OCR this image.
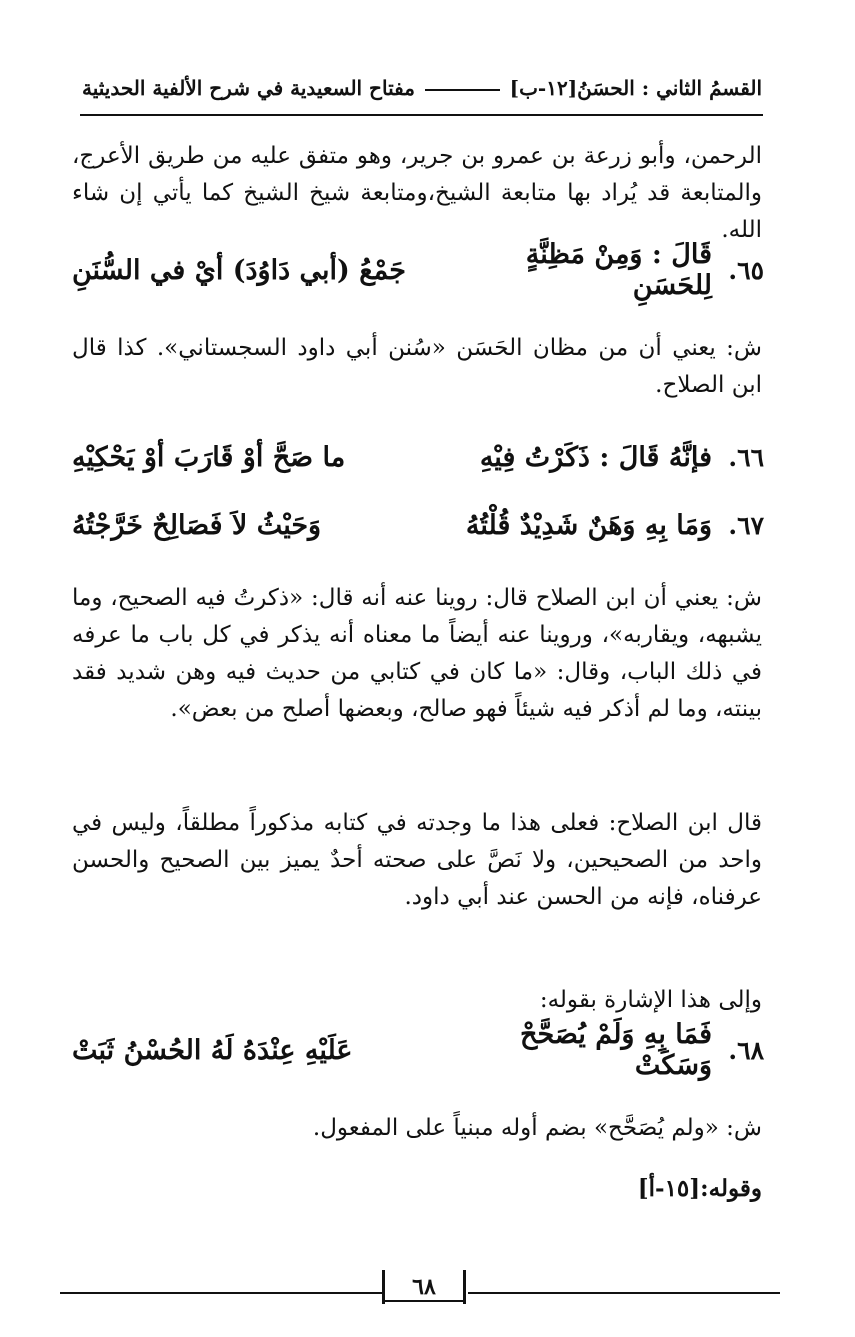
مفتاح السعيدية في شرح الألفية الحديثية	القسمُ الثاني : الحسَنُ[١٢-ب]

الرحمن، وأبو زرعة بن عمرو بن جرير، وهو متفق عليه من طريق الأعرج، والمتابعة قد يُراد بها متابعة الشيخ،ومتابعة شيخ الشيخ كما يأتي إن شاء الله.

٦٥.
قَالَ : وَمِنْ مَظِنَّةٍ لِلحَسَنِ
جَمْعُ (أبي دَاوُدَ) أيْ في السُّنَنِ

ش: يعني أن من مظان الحَسَن «سُنن أبي داود السجستاني». كذا قال ابن الصلاح.

٦٦.
فإنَّهُ قَالَ : ذَكَرْتُ فِيْهِ
ما صَحَّ أوْ قَارَبَ أوْ يَحْكِيْهِ
٦٧.
وَمَا بِهِ وَهَنٌ شَدِيْدٌ قُلْتُهُ
وَحَيْثُ لاَ فَصَالِحٌ خَرَّجْتُهُ

ش: يعني أن ابن الصلاح قال: روينا عنه أنه قال: «ذكرتُ فيه الصحيح، وما يشبهه، ويقاربه»، وروينا عنه أيضاً ما معناه أنه يذكر في كل باب ما عرفه في ذلك الباب، وقال: «ما كان في كتابي من حديث فيه وهن شديد فقد بينته، وما لم أذكر فيه شيئاً فهو صالح، وبعضها أصلح من بعض».

قال ابن الصلاح: فعلى هذا ما وجدته في كتابه مذكوراً مطلقاً، وليس في واحد من الصحيحين، ولا نَصَّ على صحته أحدٌ يميز بين الصحيح والحسن عرفناه، فإنه من الحسن عند أبي داود.

وإلى هذا الإشارة بقوله:

٦٨.
فَمَا بِهِ وَلَمْ يُصَحَّحْ وَسَكَتْ
عَلَيْهِ عِنْدَهُ لَهُ الحُسْنُ ثَبَتْ

ش: «ولم يُصَحَّح» بضم أوله مبنياً على المفعول.

وقوله:[١٥-أ]
٦٨
